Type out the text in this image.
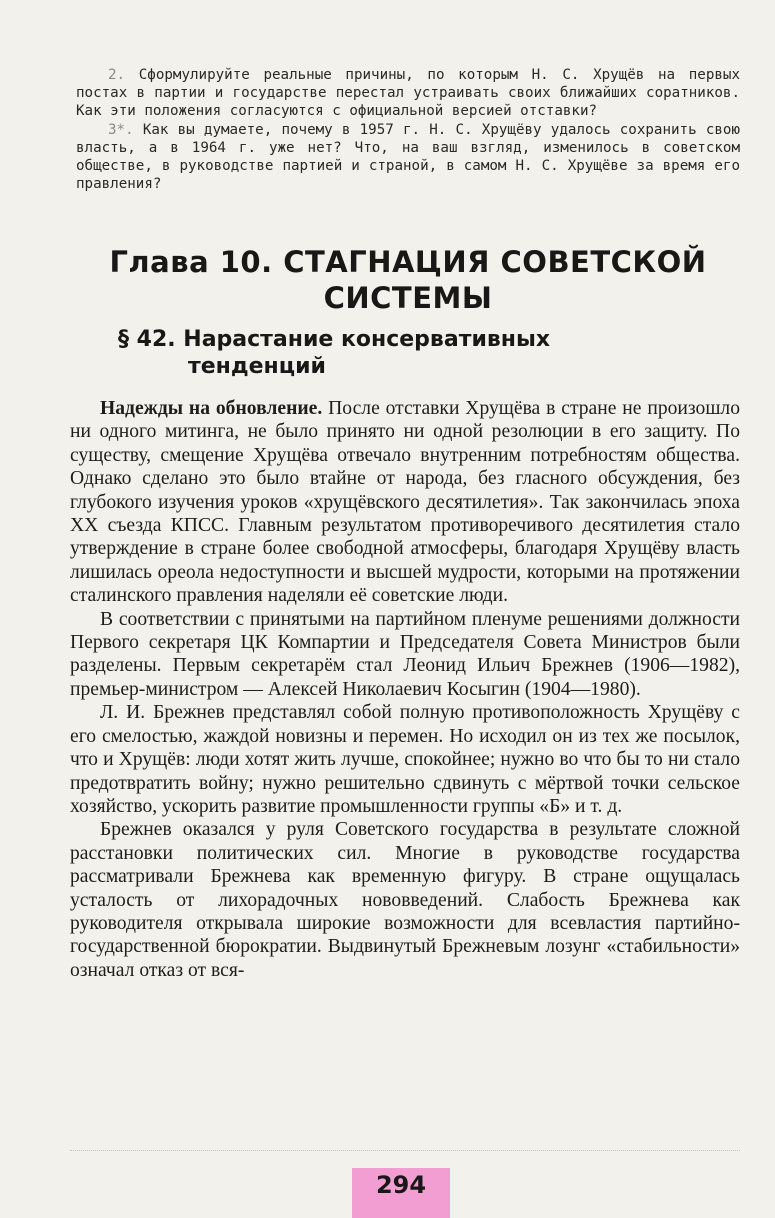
2. Сформулируйте реальные причины, по которым Н. С. Хрущёв на первых постах в партии и государстве перестал устраивать своих ближайших соратников. Как эти положения согласуются с официальной версией отставки?

3*. Как вы думаете, почему в 1957 г. Н. С. Хрущёву удалось сохранить свою власть, а в 1964 г. уже нет? Что, на ваш взгляд, изменилось в советском обществе, в руководстве партией и страной, в самом Н. С. Хрущёве за время его правления?

Глава 10. СТАГНАЦИЯ СОВЕТСКОЙ
СИСТЕМЫ
§ 42. Нарастание консервативных
тенденций

Надежды на обновление. После отставки Хрущёва в стране не произошло ни одного митинга, не было принято ни одной резолюции в его защиту. По существу, смещение Хрущёва отвечало внутренним потребностям общества. Однако сделано это было втайне от народа, без гласного обсуждения, без глубокого изучения уроков «хрущёвского десятилетия». Так закончилась эпоха XX съезда КПСС. Главным результатом противоречивого десятилетия стало утверждение в стране более свободной атмосферы, благодаря Хрущёву власть лишилась ореола недоступности и высшей мудрости, которыми на протяжении сталинского правления наделяли её советские люди.

В соответствии с принятыми на партийном пленуме решениями должности Первого секретаря ЦК Компартии и Председателя Совета Министров были разделены. Первым секретарём стал Леонид Ильич Брежнев (1906—1982), премьер-министром — Алексей Николаевич Косыгин (1904—1980).

Л. И. Брежнев представлял собой полную противоположность Хрущёву с его смелостью, жаждой новизны и перемен. Но исходил он из тех же посылок, что и Хрущёв: люди хотят жить лучше, спокойнее; нужно во что бы то ни стало предотвратить войну; нужно решительно сдвинуть с мёртвой точки сельское хозяйство, ускорить развитие промышленности группы «Б» и т. д.

Брежнев оказался у руля Советского государства в результате сложной расстановки политических сил. Многие в руководстве государства рассматривали Брежнева как временную фигуру. В стране ощущалась усталость от лихорадочных нововведений. Слабость Брежнева как руководителя открывала широкие возможности для всевластия партийно-государственной бюрократии. Выдвинутый Брежневым лозунг «стабильности» означал отказ от вся-

294
